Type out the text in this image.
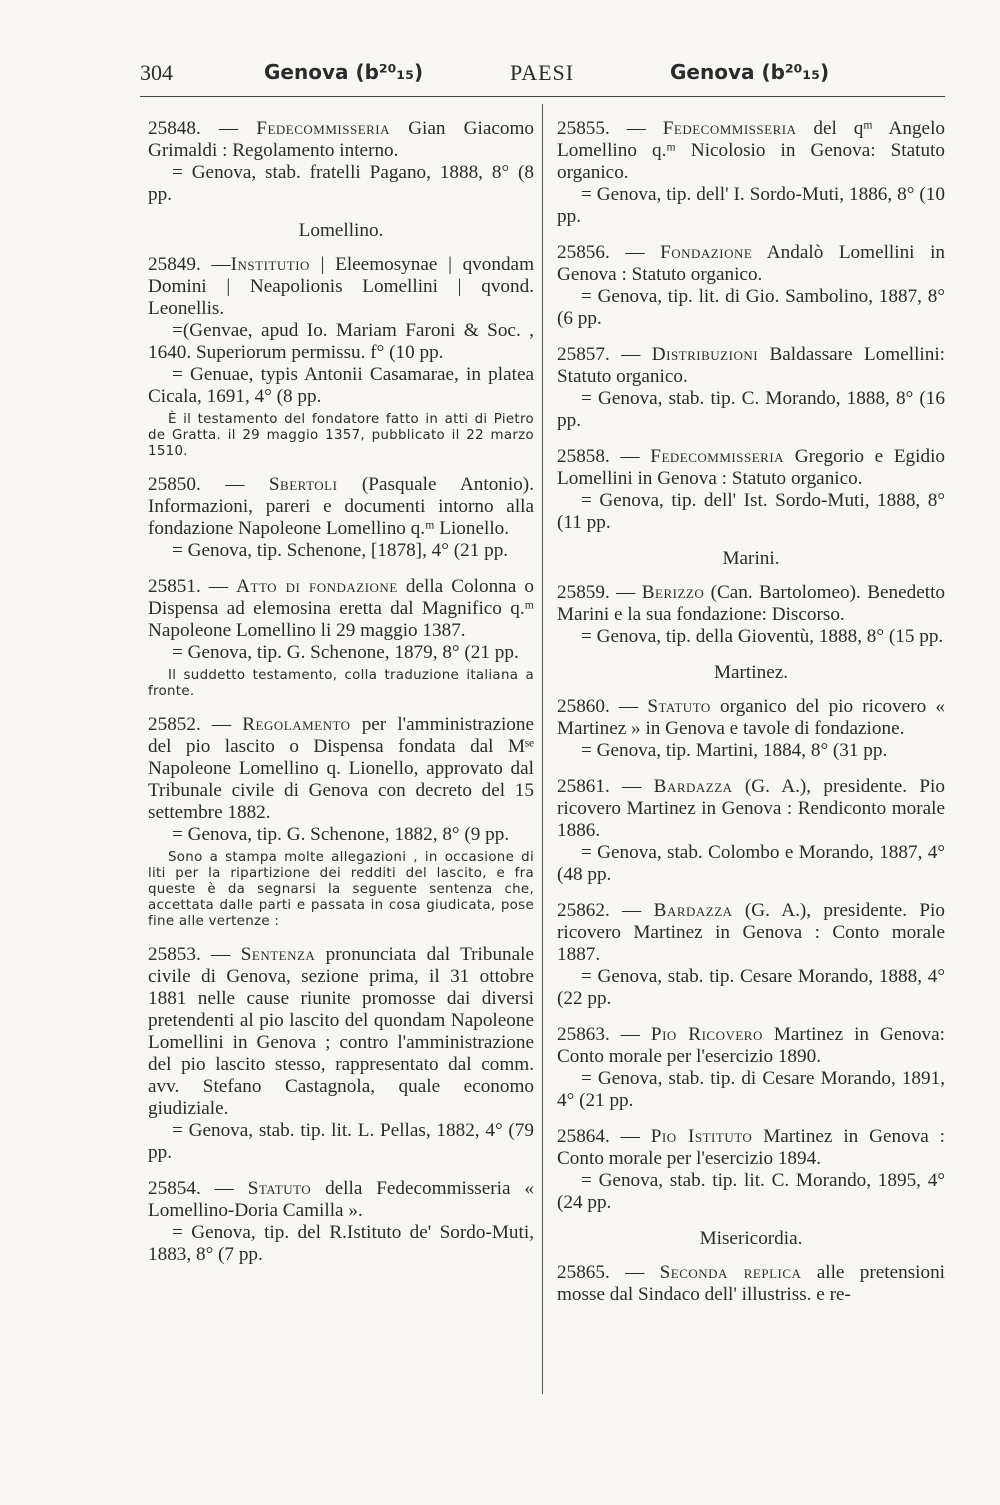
304	Genova (b²⁰₁₅)	PAESI	Genova (b²⁰₁₅)

25848. — Fedecommisseria Gian Giacomo Grimaldi : Regolamento interno.

= Genova, stab. fratelli Pagano, 1888, 8° (8 pp.

Lomellino.

25849. —Institutio | Eleemosynae | qvondam Domini | Neapolionis Lomellini | qvond. Leonellis.

=(Genvae, apud Io. Mariam Faroni & Soc. , 1640. Superiorum permissu. f° (10 pp.

= Genuae, typis Antonii Casamarae, in platea Cicala, 1691, 4° (8 pp.

È il testamento del fondatore fatto in atti di Pietro de Gratta. il 29 maggio 1357, pubblicato il 22 marzo 1510.

25850. — Sbertoli (Pasquale Antonio). Informazioni, pareri e documenti intorno alla fondazione Napoleone Lomellino q.ᵐ Lionello.

= Genova, tip. Schenone, [1878], 4° (21 pp.

25851. — Atto di fondazione della Colonna o Dispensa ad elemosina eretta dal Magnifico q.ᵐ Napoleone Lomellino li 29 maggio 1387.

= Genova, tip. G. Schenone, 1879, 8° (21 pp.

Il suddetto testamento, colla traduzione italiana a fronte.

25852. — Regolamento per l'amministrazione del pio lascito o Dispensa fondata dal Mˢᵉ Napoleone Lomellino q. Lionello, approvato dal Tribunale civile di Genova con decreto del 15 settembre 1882.

= Genova, tip. G. Schenone, 1882, 8° (9 pp.

Sono a stampa molte allegazioni , in occasione di liti per la ripartizione dei redditi del lascito, e fra queste è da segnarsi la seguente sentenza che, accettata dalle parti e passata in cosa giudicata, pose fine alle vertenze :

25853. — Sentenza pronunciata dal Tribunale civile di Genova, sezione prima, il 31 ottobre 1881 nelle cause riunite promosse dai diversi pretendenti al pio lascito del quondam Napoleone Lomellini in Genova ; contro l'amministrazione del pio lascito stesso, rappresentato dal comm. avv. Stefano Castagnola, quale economo giudiziale.

= Genova, stab. tip. lit. L. Pellas, 1882, 4° (79 pp.

25854. — Statuto della Fedecommisseria « Lomellino-Doria Camilla ».

= Genova, tip. del R.Istituto de' Sordo-Muti, 1883, 8° (7 pp.

25855. — Fedecommisseria del qᵐ Angelo Lomellino q.ᵐ Nicolosio in Genova: Statuto organico.

= Genova, tip. dell' I. Sordo-Muti, 1886, 8° (10 pp.

25856. — Fondazione Andalò Lomellini in Genova : Statuto organico.

= Genova, tip. lit. di Gio. Sambolino, 1887, 8° (6 pp.

25857. — Distribuzioni Baldassare Lomellini: Statuto organico.

= Genova, stab. tip. C. Morando, 1888, 8° (16 pp.

25858. — Fedecommisseria Gregorio e Egidio Lomellini in Genova : Statuto organico.

= Genova, tip. dell' Ist. Sordo-Muti, 1888, 8° (11 pp.

Marini.

25859. — Berizzo (Can. Bartolomeo). Benedetto Marini e la sua fondazione: Discorso.

= Genova, tip. della Gioventù, 1888, 8° (15 pp.

Martinez.

25860. — Statuto organico del pio ricovero « Martinez » in Genova e tavole di fondazione.

= Genova, tip. Martini, 1884, 8° (31 pp.

25861. — Bardazza (G. A.), presidente. Pio ricovero Martinez in Genova : Rendiconto morale 1886.

= Genova, stab. Colombo e Morando, 1887, 4° (48 pp.

25862. — Bardazza (G. A.), presidente. Pio ricovero Martinez in Genova : Conto morale 1887.

= Genova, stab. tip. Cesare Morando, 1888, 4° (22 pp.

25863. — Pio Ricovero Martinez in Genova: Conto morale per l'esercizio 1890.

= Genova, stab. tip. di Cesare Morando, 1891, 4° (21 pp.

25864. — Pio Istituto Martinez in Genova : Conto morale per l'esercizio 1894.

= Genova, stab. tip. lit. C. Morando, 1895, 4° (24 pp.

Misericordia.

25865. — Seconda replica alle pretensioni mosse dal Sindaco dell' illustriss. e re-
